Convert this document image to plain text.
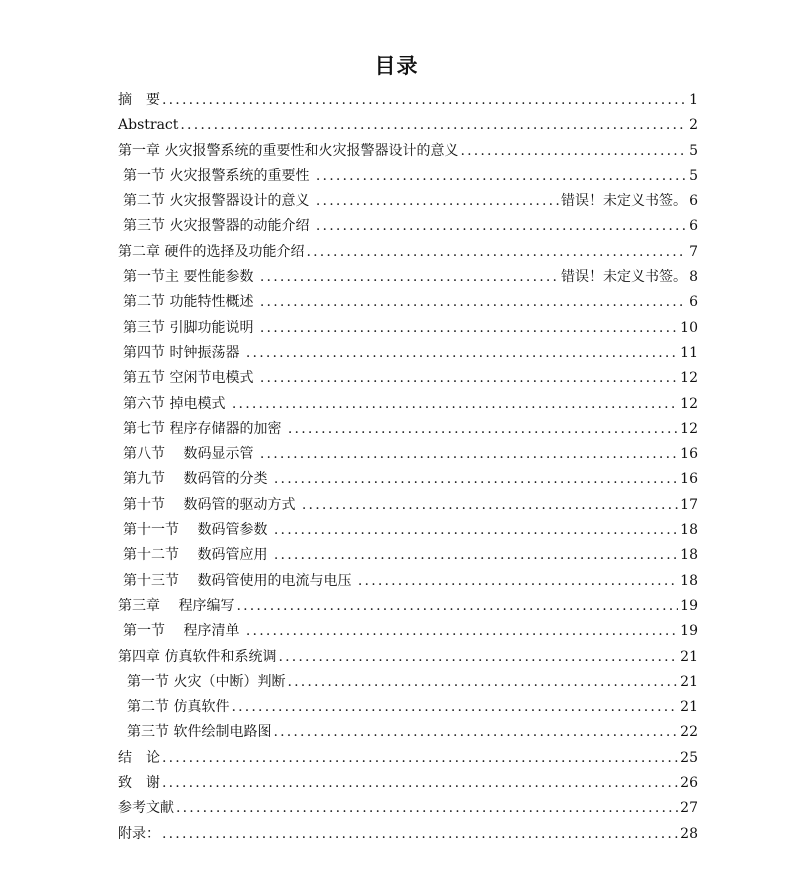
目录
摘　要 .....	1
Abstract .....	2
第一章 火灾报警系统的重要性和火灾报警器设计的意义 .....	5
第一节 火灾报警系统的重要性 .....	5
第二节 火灾报警器设计的意义 .....	错误！未定义书签。 6
第三节 火灾报警器的动能介绍 .....	6
第二章 硬件的选择及功能介绍 .....	7
第一节主 要性能参数 .....	错误！未定义书签。 8
第二节 功能特性概述 .....	6
第三节 引脚功能说明 .....	10
第四节 时钟振荡器 .....	11
第五节 空闲节电模式 .....	12
第六节 掉电模式 .....	12
第七节 程序存储器的加密 .....	12
第八节　 数码显示管 .....	16
第九节　 数码管的分类 .....	16
第十节　 数码管的驱动方式 .....	17
第十一节　 数码管参数 .....	18
第十二节　 数码管应用 .....	18
第十三节　 数码管使用的电流与电压 .....	18
第三章　 程序编写 .....	19
第一节　 程序清单 .....	19
第四章 仿真软件和系统调 .....	21
第一节 火灾（中断）判断 .....	21
第二节 仿真软件 .....	21
第三节 软件绘制电路图 .....	22
结　论 .....	25
致　谢 .....	26
参考文献 .....	27
附录： .....	28
